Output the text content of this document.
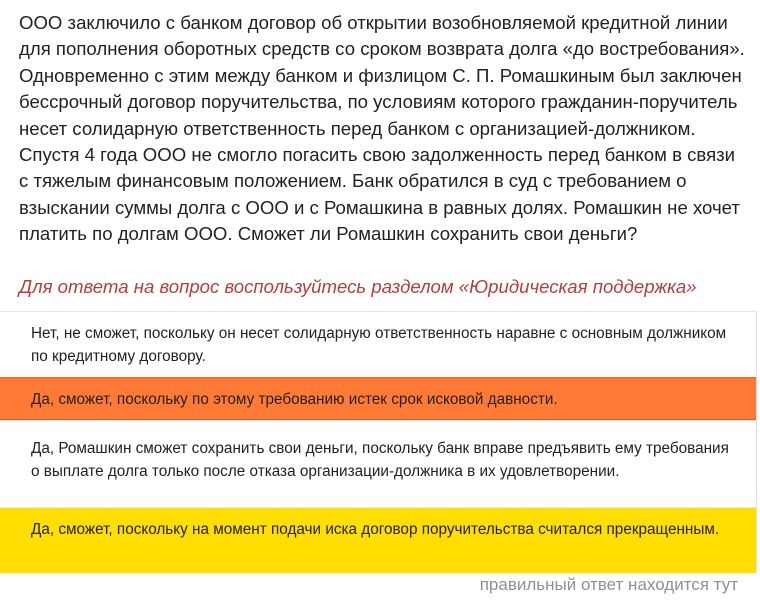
ООО заключило с банком договор об открытии возобновляемой кредитной линии для пополнения оборотных средств со сроком возврата долга «до востребования». Одновременно с этим между банком и физлицом С. П. Ромашкиным был заключен бессрочный договор поручительства, по условиям которого гражданин-поручитель несет солидарную ответственность перед банком с организацией-должником. Спустя 4 года ООО не смогло погасить свою задолженность перед банком в связи с тяжелым финансовым положением. Банк обратился в суд с требованием о взыскании суммы долга с ООО и с Ромашкина в равных долях. Ромашкин не хочет платить по долгам ООО. Сможет ли Ромашкин сохранить свои деньги?

Для ответа на вопрос воспользуйтесь разделом «Юридическая поддержка»

Нет, не сможет, поскольку он несет солидарную ответственность наравне с основным должником по кредитному договору.
Да, сможет, поскольку по этому требованию истек срок исковой давности.
Да, Ромашкин сможет сохранить свои деньги, поскольку банк вправе предъявить ему требования о выплате долга только после отказа организации-должника в их удовлетворении.
Да, сможет, поскольку на момент подачи иска договор поручительства считался прекращенным.
правильный ответ находится тут
